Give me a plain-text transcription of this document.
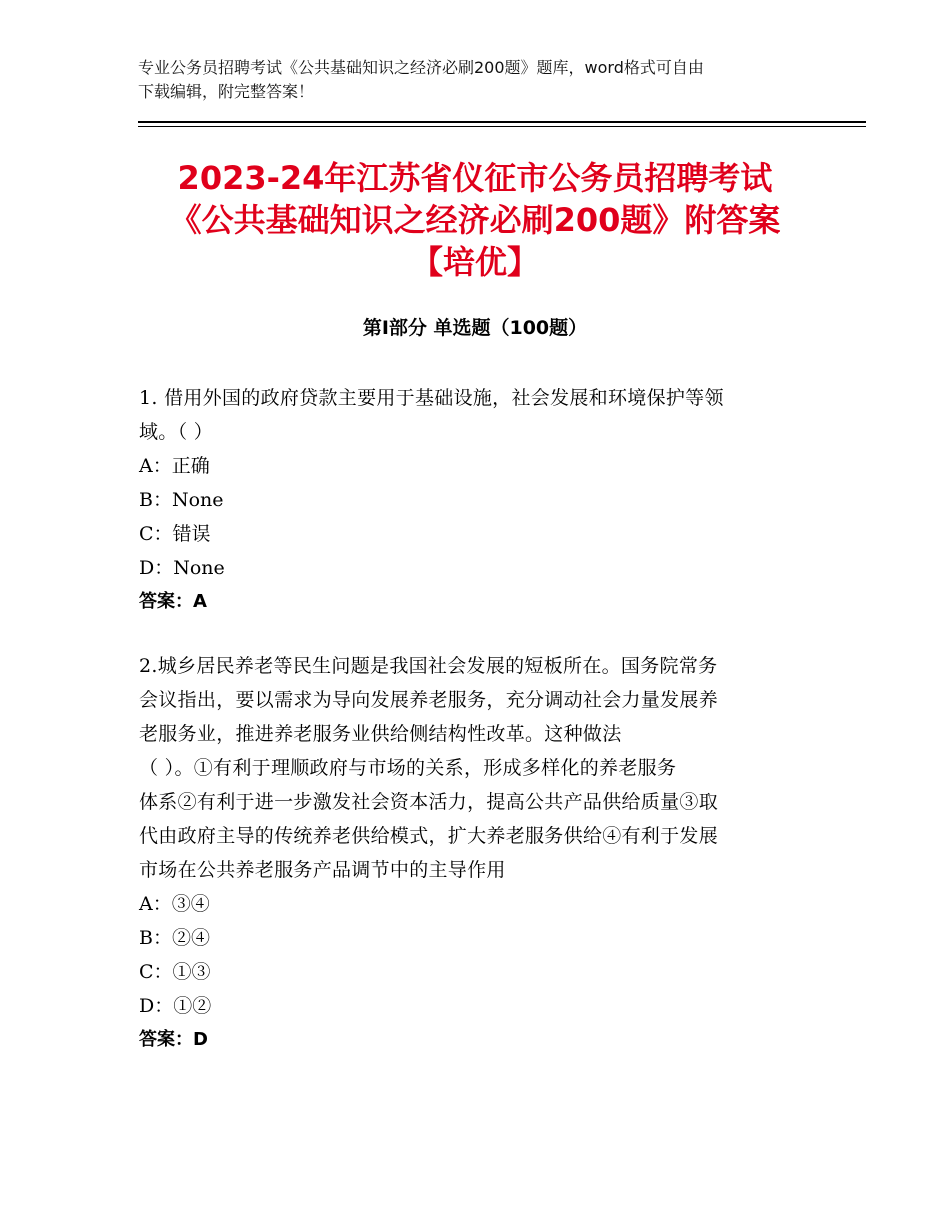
专业公务员招聘考试《公共基础知识之经济必刷200题》题库，word格式可自由
下载编辑，附完整答案！
2023-24年江苏省仪征市公务员招聘考试
《公共基础知识之经济必刷200题》附答案
【培优】
第Ⅰ部分 单选题（100题）
1. 借用外国的政府贷款主要用于基础设施，社会发展和环境保护等领
域。（ ）
A：正确
B：None
C：错误
D：None
答案：A
2.城乡居民养老等民生问题是我国社会发展的短板所在。国务院常务
会议指出，要以需求为导向发展养老服务，充分调动社会力量发展养
老服务业，推进养老服务业供给侧结构性改革。这种做法
（ ）。①有利于理顺政府与市场的关系，形成多样化的养老服务
体系②有利于进一步激发社会资本活力，提高公共产品供给质量③取
代由政府主导的传统养老供给模式，扩大养老服务供给④有利于发展
市场在公共养老服务产品调节中的主导作用
A：③④
B：②④
C：①③
D：①②
答案：D
